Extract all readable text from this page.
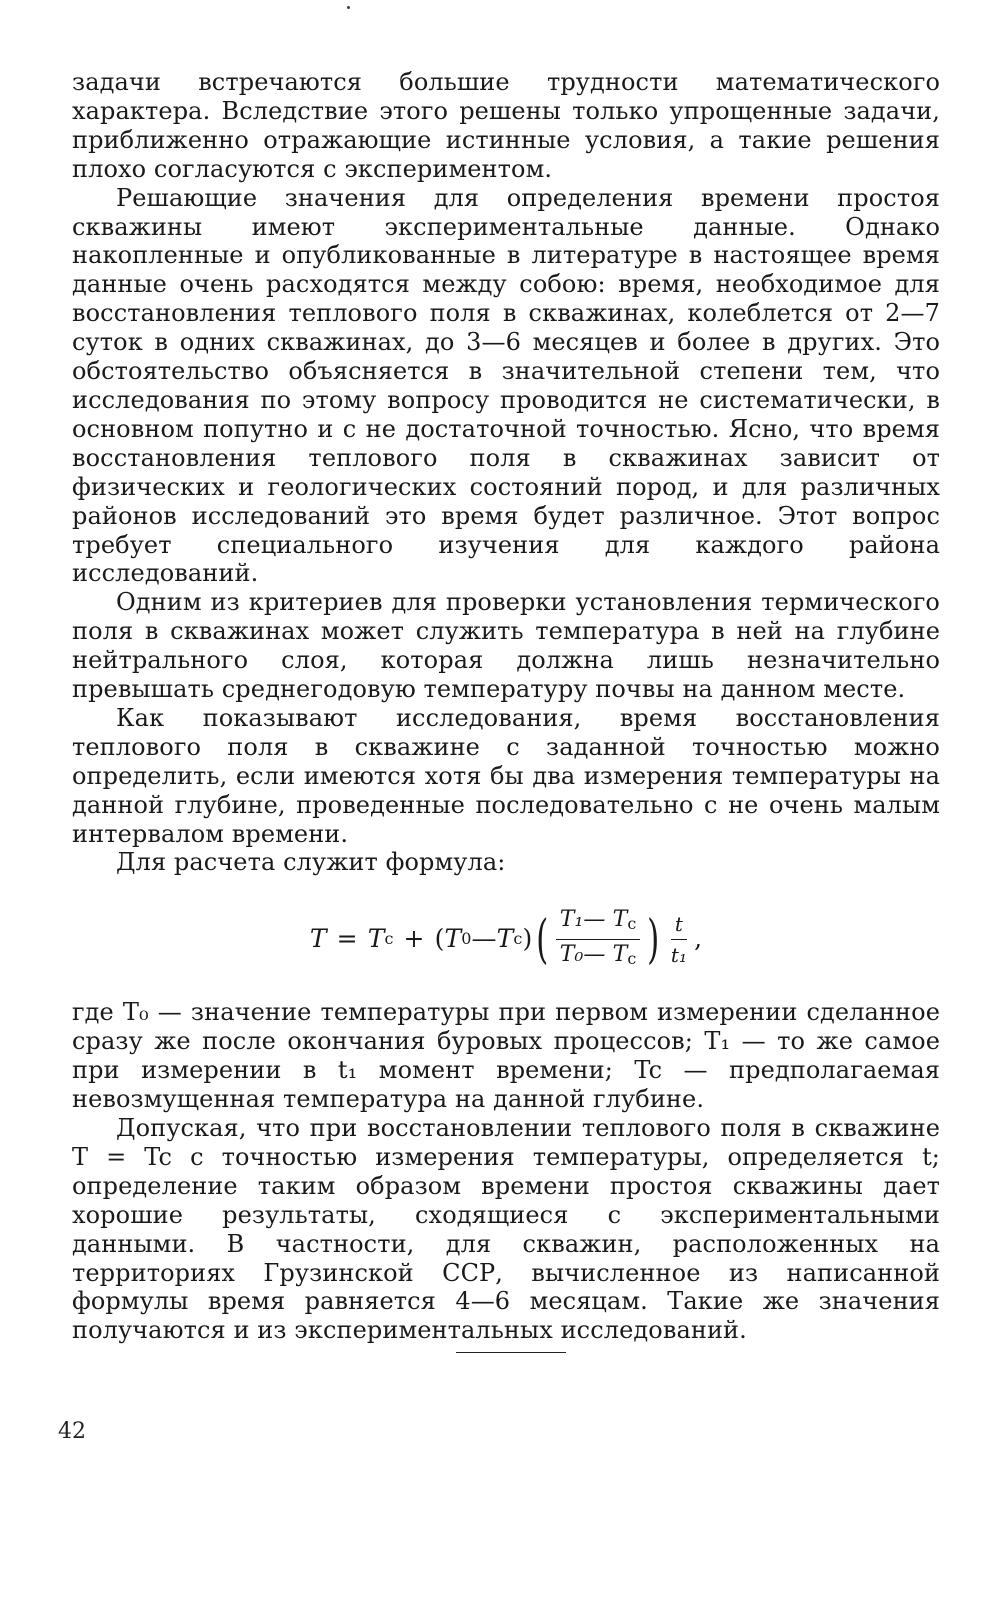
задачи встречаются большие трудности математического характера. Вследствие этого решены только упрощенные задачи, приближенно отражающие истинные условия, а такие решения плохо согласуются с экспериментом.

Решающие значения для определения времени простоя скважины имеют экспериментальные данные. Однако накопленные и опубликованные в литературе в настоящее время данные очень расходятся между собою: время, необходимое для восстановления теплового поля в скважинах, колеблется от 2—7 суток в одних скважинах, до 3—6 месяцев и более в других. Это обстоятельство объясняется в значительной степени тем, что исследования по этому вопросу проводится не систематически, в основном попутно и с не достаточной точностью. Ясно, что время восстановления теплового поля в скважинах зависит от физических и геологических состояний пород, и для различных районов исследований это время будет различное. Этот вопрос требует специального изучения для каждого района исследований.

Одним из критериев для проверки установления термического поля в скважинах может служить температура в ней на глубине нейтрального слоя, которая должна лишь незначительно превышать среднегодовую температуру почвы на данном месте.

Как показывают исследования, время восстановления теплового поля в скважине с заданной точностью можно определить, если имеются хотя бы два измерения температуры на данной глубине, проведенные последовательно с не очень малым интервалом времени.

Для расчета служит формула:

T = T c + ( T 0 — T c ) ( $\frac{T_1— T_c}{T_0— T_c}$ ) $\frac{t}{\text{t₁}}$ ,

где T₀ — значение температуры при первом измерении сделанное сразу же после окончания буровых процессов; T₁ — то же самое при измерении в t₁ момент времени; Tc — предполагаемая невозмущенная температура на данной глубине.

Допуская, что при восстановлении теплового поля в скважине T = Tc с точностью измерения температуры, определяется t; определение таким образом времени простоя скважины дает хорошие результаты, сходящиеся с экспериментальными данными. В частности, для скважин, расположенных на территориях Грузинской ССР, вычисленное из написанной формулы время равняется 4—6 месяцам. Такие же значения получаются и из экспериментальных исследований.

42
